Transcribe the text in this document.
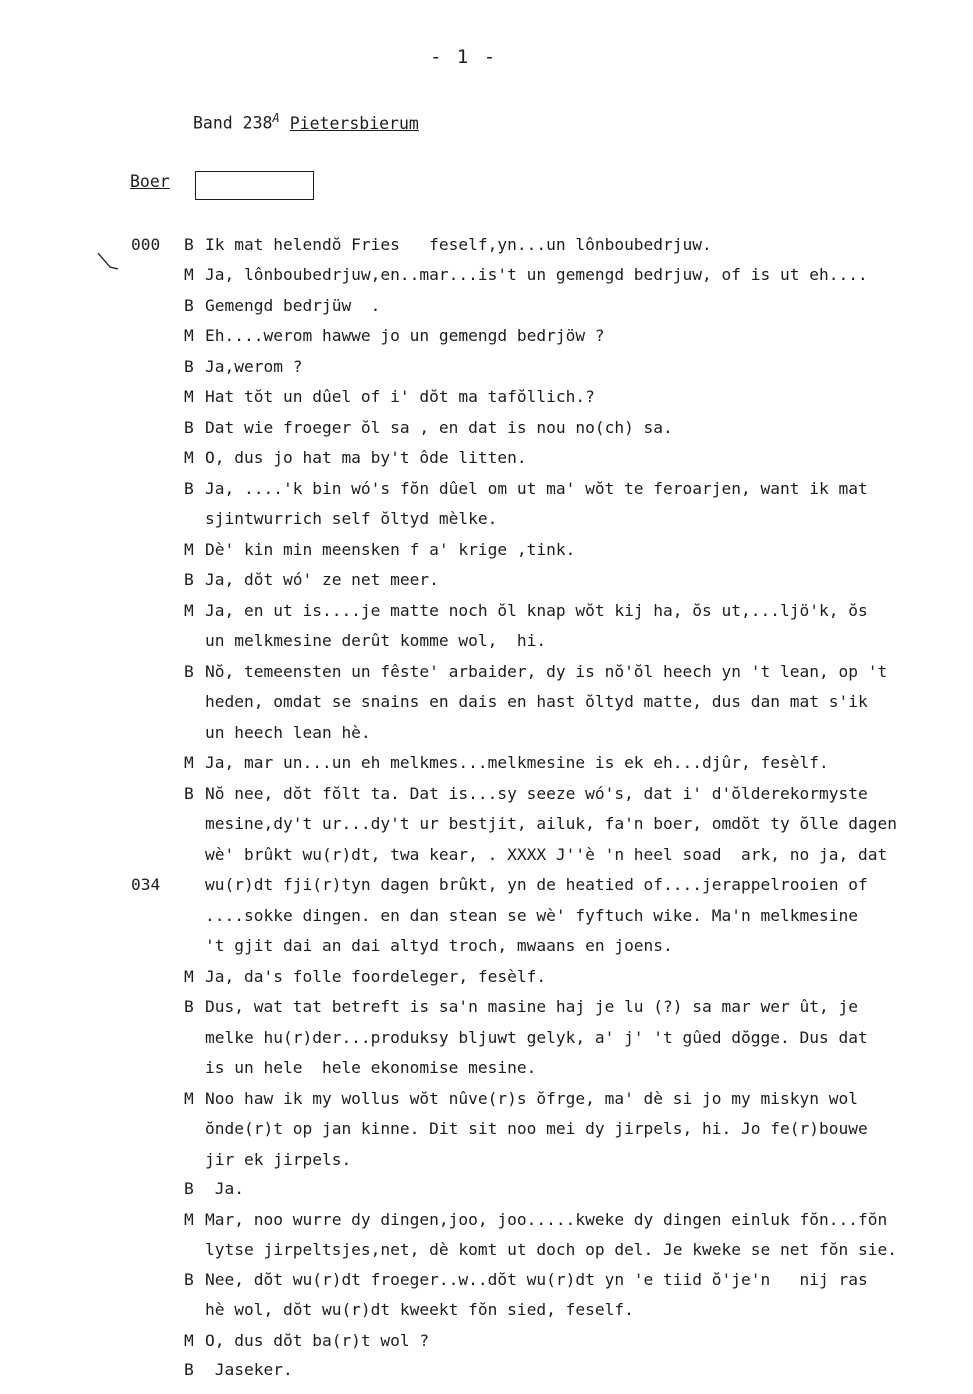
- 1 -
Band $238^A$ Pietersbierum
Boer
000 B Ik mat helendŏ Fries   feself,yn...un lônboubedrjuw.
M Ja, lônboubedrjuw,en..mar...is't un gemengd bedrjuw, of is ut eh....
B Gemengd bedrjüw  .
M Eh....werom hawwe jo un gemengd bedrjöw ?
B Ja,werom ?
M Hat tŏt un dûel of i' dŏt ma tafŏllich.?
B Dat wie froeger ŏl sa , en dat is nou no(ch) sa.
M O, dus jo hat ma by't ôde litten.
B Ja, ....'k bin wó's fŏn dûel om ut ma' wŏt te feroarjen, want ik mat
sjintwurrich self ŏltyd mèlke.
M Dè' kin min meensken f a' krige ,tink.
B Ja, dŏt wó' ze net meer.
M Ja, en ut is....je matte noch ŏl knap wŏt kij ha, ŏs ut,...ljö'k, ŏs
un melkmesine derût komme wol,  hi.
B Nŏ, temeensten un fêste' arbaider, dy is nŏ'ŏl heech yn 't lean, op 't
heden, omdat se snains en dais en hast ŏltyd matte, dus dan mat s'ik
un heech lean hè.
M Ja, mar un...un eh melkmes...melkmesine is ek eh...djûr, fesèlf.
B Nŏ nee, dŏt fŏlt ta. Dat is...sy seeze wó's, dat i' d'ŏlderekormyste
mesine,dy't ur...dy't ur bestjit, ailuk, fa'n boer, omdŏt ty ŏlle dagen
wè' brûkt wu(r)dt, twa kear, . XXXX J''è 'n heel soad  ark, no ja, dat
034	wu(r)dt fji(r)tyn dagen brûkt, yn de heatied of....jerappelrooien of
....sokke dingen. en dan stean se wè' fyftuch wike. Ma'n melkmesine
't gjit dai an dai altyd troch, mwaans en joens.
M Ja, da's folle foordeleger, fesèlf.
B Dus, wat tat betreft is sa'n masine haj je lu (?) sa mar wer ût, je
melke hu(r)der...produksy bljuwt gelyk, a' j' 't gûed dŏgge. Dus dat
is un hele  hele ekonomise mesine.
M Noo haw ik my wollus wŏt nûve(r)s ŏfrge, ma' dè si jo my miskyn wol
ŏnde(r)t op jan kinne. Dit sit noo mei dy jirpels, hi. Jo fe(r)bouwe
jir ek jirpels.
B Ja.
M Mar, noo wurre dy dingen,joo, joo.....kweke dy dingen einluk fŏn...fŏn
lytse jirpeltsjes,net, dè komt ut doch op del. Je kweke se net fŏn sie.
B Nee, dŏt wu(r)dt froeger..w..dŏt wu(r)dt yn 'e tiid ŏ'je'n   nij ras
hè wol, dŏt wu(r)dt kweekt fŏn sied, feself.
M O, dus dŏt ba(r)t wol ?
B Jaseker.
